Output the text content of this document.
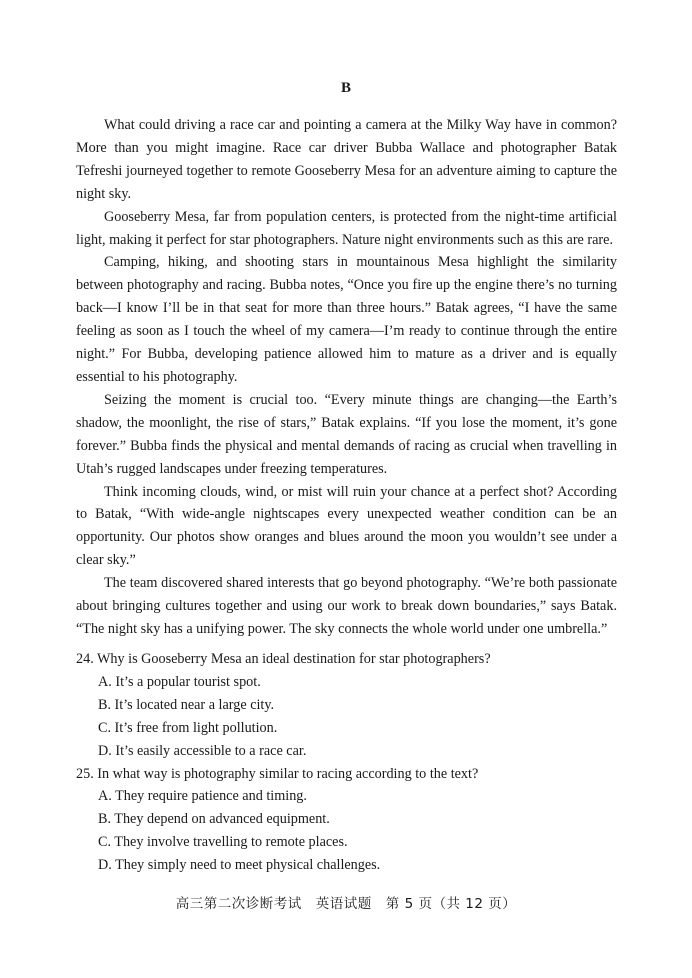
B

What could driving a race car and pointing a camera at the Milky Way have in common? More than you might imagine. Race car driver Bubba Wallace and photographer Batak Tefreshi journeyed together to remote Gooseberry Mesa for an adventure aiming to capture the night sky.

Gooseberry Mesa, far from population centers, is protected from the night-time artificial light, making it perfect for star photographers. Nature night environments such as this are rare.

Camping, hiking, and shooting stars in mountainous Mesa highlight the similarity between photography and racing. Bubba notes, “Once you fire up the engine there’s no turning back—I know I’ll be in that seat for more than three hours.” Batak agrees, “I have the same feeling as soon as I touch the wheel of my camera—I’m ready to continue through the entire night.” For Bubba, developing patience allowed him to mature as a driver and is equally essential to his photography.

Seizing the moment is crucial too. “Every minute things are changing—the Earth’s shadow, the moonlight, the rise of stars,” Batak explains. “If you lose the moment, it’s gone forever.” Bubba finds the physical and mental demands of racing as crucial when travelling in Utah’s rugged landscapes under freezing temperatures.

Think incoming clouds, wind, or mist will ruin your chance at a perfect shot? According to Batak, “With wide-angle nightscapes every unexpected weather condition can be an opportunity. Our photos show oranges and blues around the moon you wouldn’t see under a clear sky.”

The team discovered shared interests that go beyond photography. “We’re both passionate about bringing cultures together and using our work to break down boundaries,” says Batak. “The night sky has a unifying power. The sky connects the whole world under one umbrella.”

24. Why is Gooseberry Mesa an ideal destination for star photographers?

A. It’s a popular tourist spot.
B. It’s located near a large city.
C. It’s free from light pollution.
D. It’s easily accessible to a race car.

25. In what way is photography similar to racing according to the text?

A. They require patience and timing.
B. They depend on advanced equipment.
C. They involve travelling to remote places.
D. They simply need to meet physical challenges.
高三第二次诊断考试　英语试题　第 5 页（共 12 页）
